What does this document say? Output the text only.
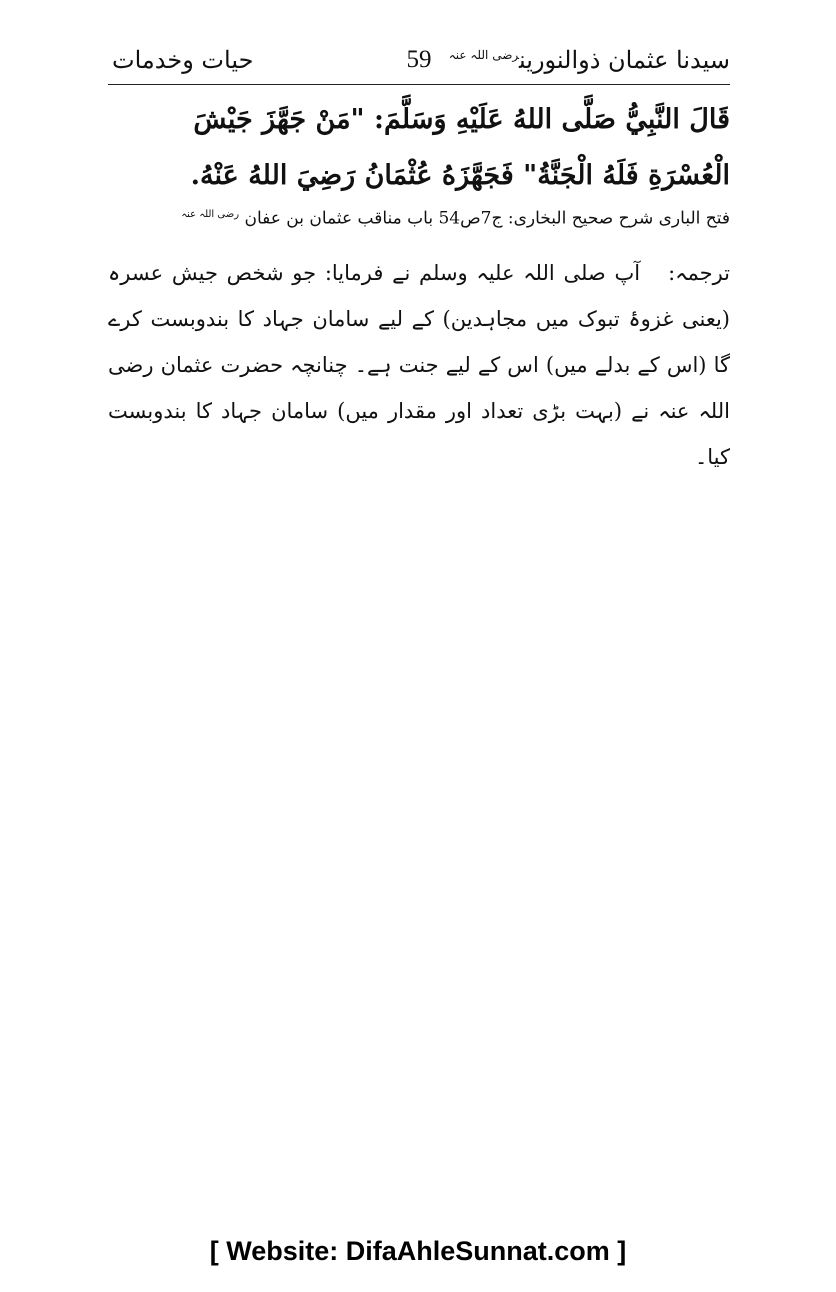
سیدنا عثمان ذوالنورین$^{رضی اللہ عنہ}$
59
حیات وخدمات
قَالَ النَّبِيُّ صَلَّى اللهُ عَلَيْهِ وَسَلَّمَ: "مَنْ جَهَّزَ جَيْشَ الْعُسْرَةِ فَلَهُ الْجَنَّةُ" فَجَهَّزَهُ عُثْمَانُ رَضِيَ اللهُ عَنْهُ.
فتح الباری شرح صحیح البخاری: ج7ص54 باب مناقب عثمان بن عفان $^{رضی اللہ عنہ}$
ترجمہ:آپ صلی اللہ علیہ وسلم نے فرمایا: جو شخص جیش عسرہ (یعنی غزوۂ تبوک میں مجاہدین) کے لیے سامان جہاد کا بندوبست کرے گا (اس کے بدلے میں) اس کے لیے جنت ہے۔ چنانچہ حضرت عثمان رضی اللہ عنہ نے (بہت بڑی تعداد اور مقدار میں) سامان جہاد کا بندوبست کیا۔
[ Website: DifaAhleSunnat.com ]
